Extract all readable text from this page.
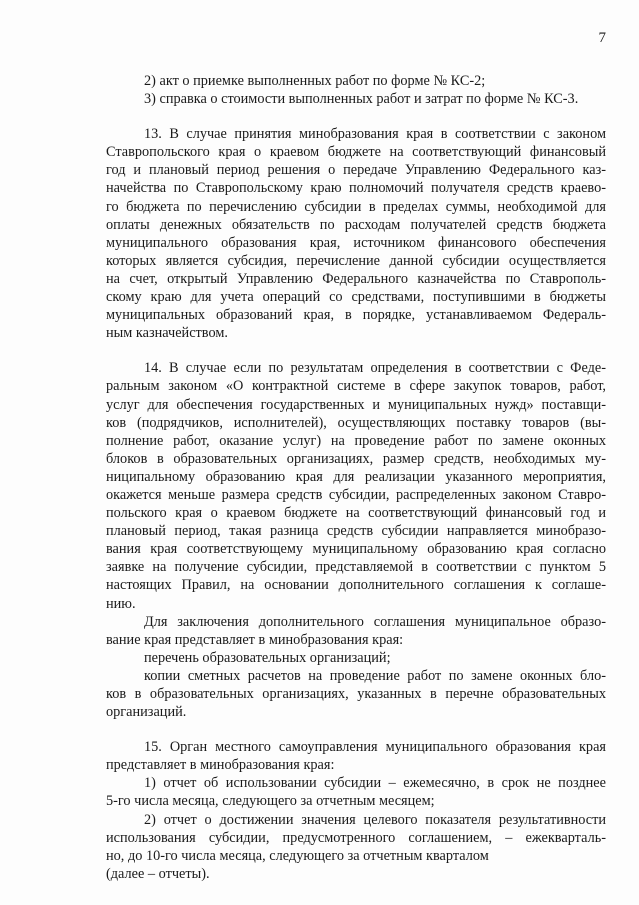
7
2) акт о приемке выполненных работ по форме № КС-2;
3) справка о стоимости выполненных работ и затрат по форме № КС-3.
13. В случае принятия минобразования края в соответствии с законом
Ставропольского края о краевом бюджете на соответствующий финансовый
год и плановый период решения о передаче Управлению Федерального каз-
начейства по Ставропольскому краю полномочий получателя средств краево-
го бюджета по перечислению субсидии в пределах суммы, необходимой для
оплаты денежных обязательств по расходам получателей средств бюджета
муниципального образования края, источником финансового обеспечения
которых является субсидия, перечисление данной субсидии осуществляется
на счет, открытый Управлению Федерального казначейства по Ставрополь-
скому краю для учета операций со средствами, поступившими в бюджеты
муниципальных образований края, в порядке, устанавливаемом Федераль-
ным казначейством.
14. В случае если по результатам определения в соответствии с Феде-
ральным законом «О контрактной системе в сфере закупок товаров, работ,
услуг для обеспечения государственных и муниципальных нужд» поставщи-
ков (подрядчиков, исполнителей), осуществляющих поставку товаров (вы-
полнение работ, оказание услуг) на проведение работ по замене оконных
блоков в образовательных организациях, размер средств, необходимых му-
ниципальному образованию края для реализации указанного мероприятия,
окажется меньше размера средств субсидии, распределенных законом Ставро-
польского края о краевом бюджете на соответствующий финансовый год и
плановый период, такая разница средств субсидии направляется минобразо-
вания края соответствующему муниципальному образованию края согласно
заявке на получение субсидии, представляемой в соответствии с пунктом 5
настоящих Правил, на основании дополнительного соглашения к соглаше-
нию.
Для заключения дополнительного соглашения муниципальное образо-
вание края представляет в минобразования края:
перечень образовательных организаций;
копии сметных расчетов на проведение работ по замене оконных бло-
ков в образовательных организациях, указанных в перечне образовательных
организаций.
15. Орган местного самоуправления муниципального образования края
представляет в минобразования края:
1) отчет об использовании субсидии – ежемесячно, в срок не позднее
5-го числа месяца, следующего за отчетным месяцем;
2) отчет о достижении значения целевого показателя результативности
использования субсидии, предусмотренного соглашением, – ежекварталь-
но, до 10-го числа месяца, следующего за отчетным кварталом
(далее – отчеты).
